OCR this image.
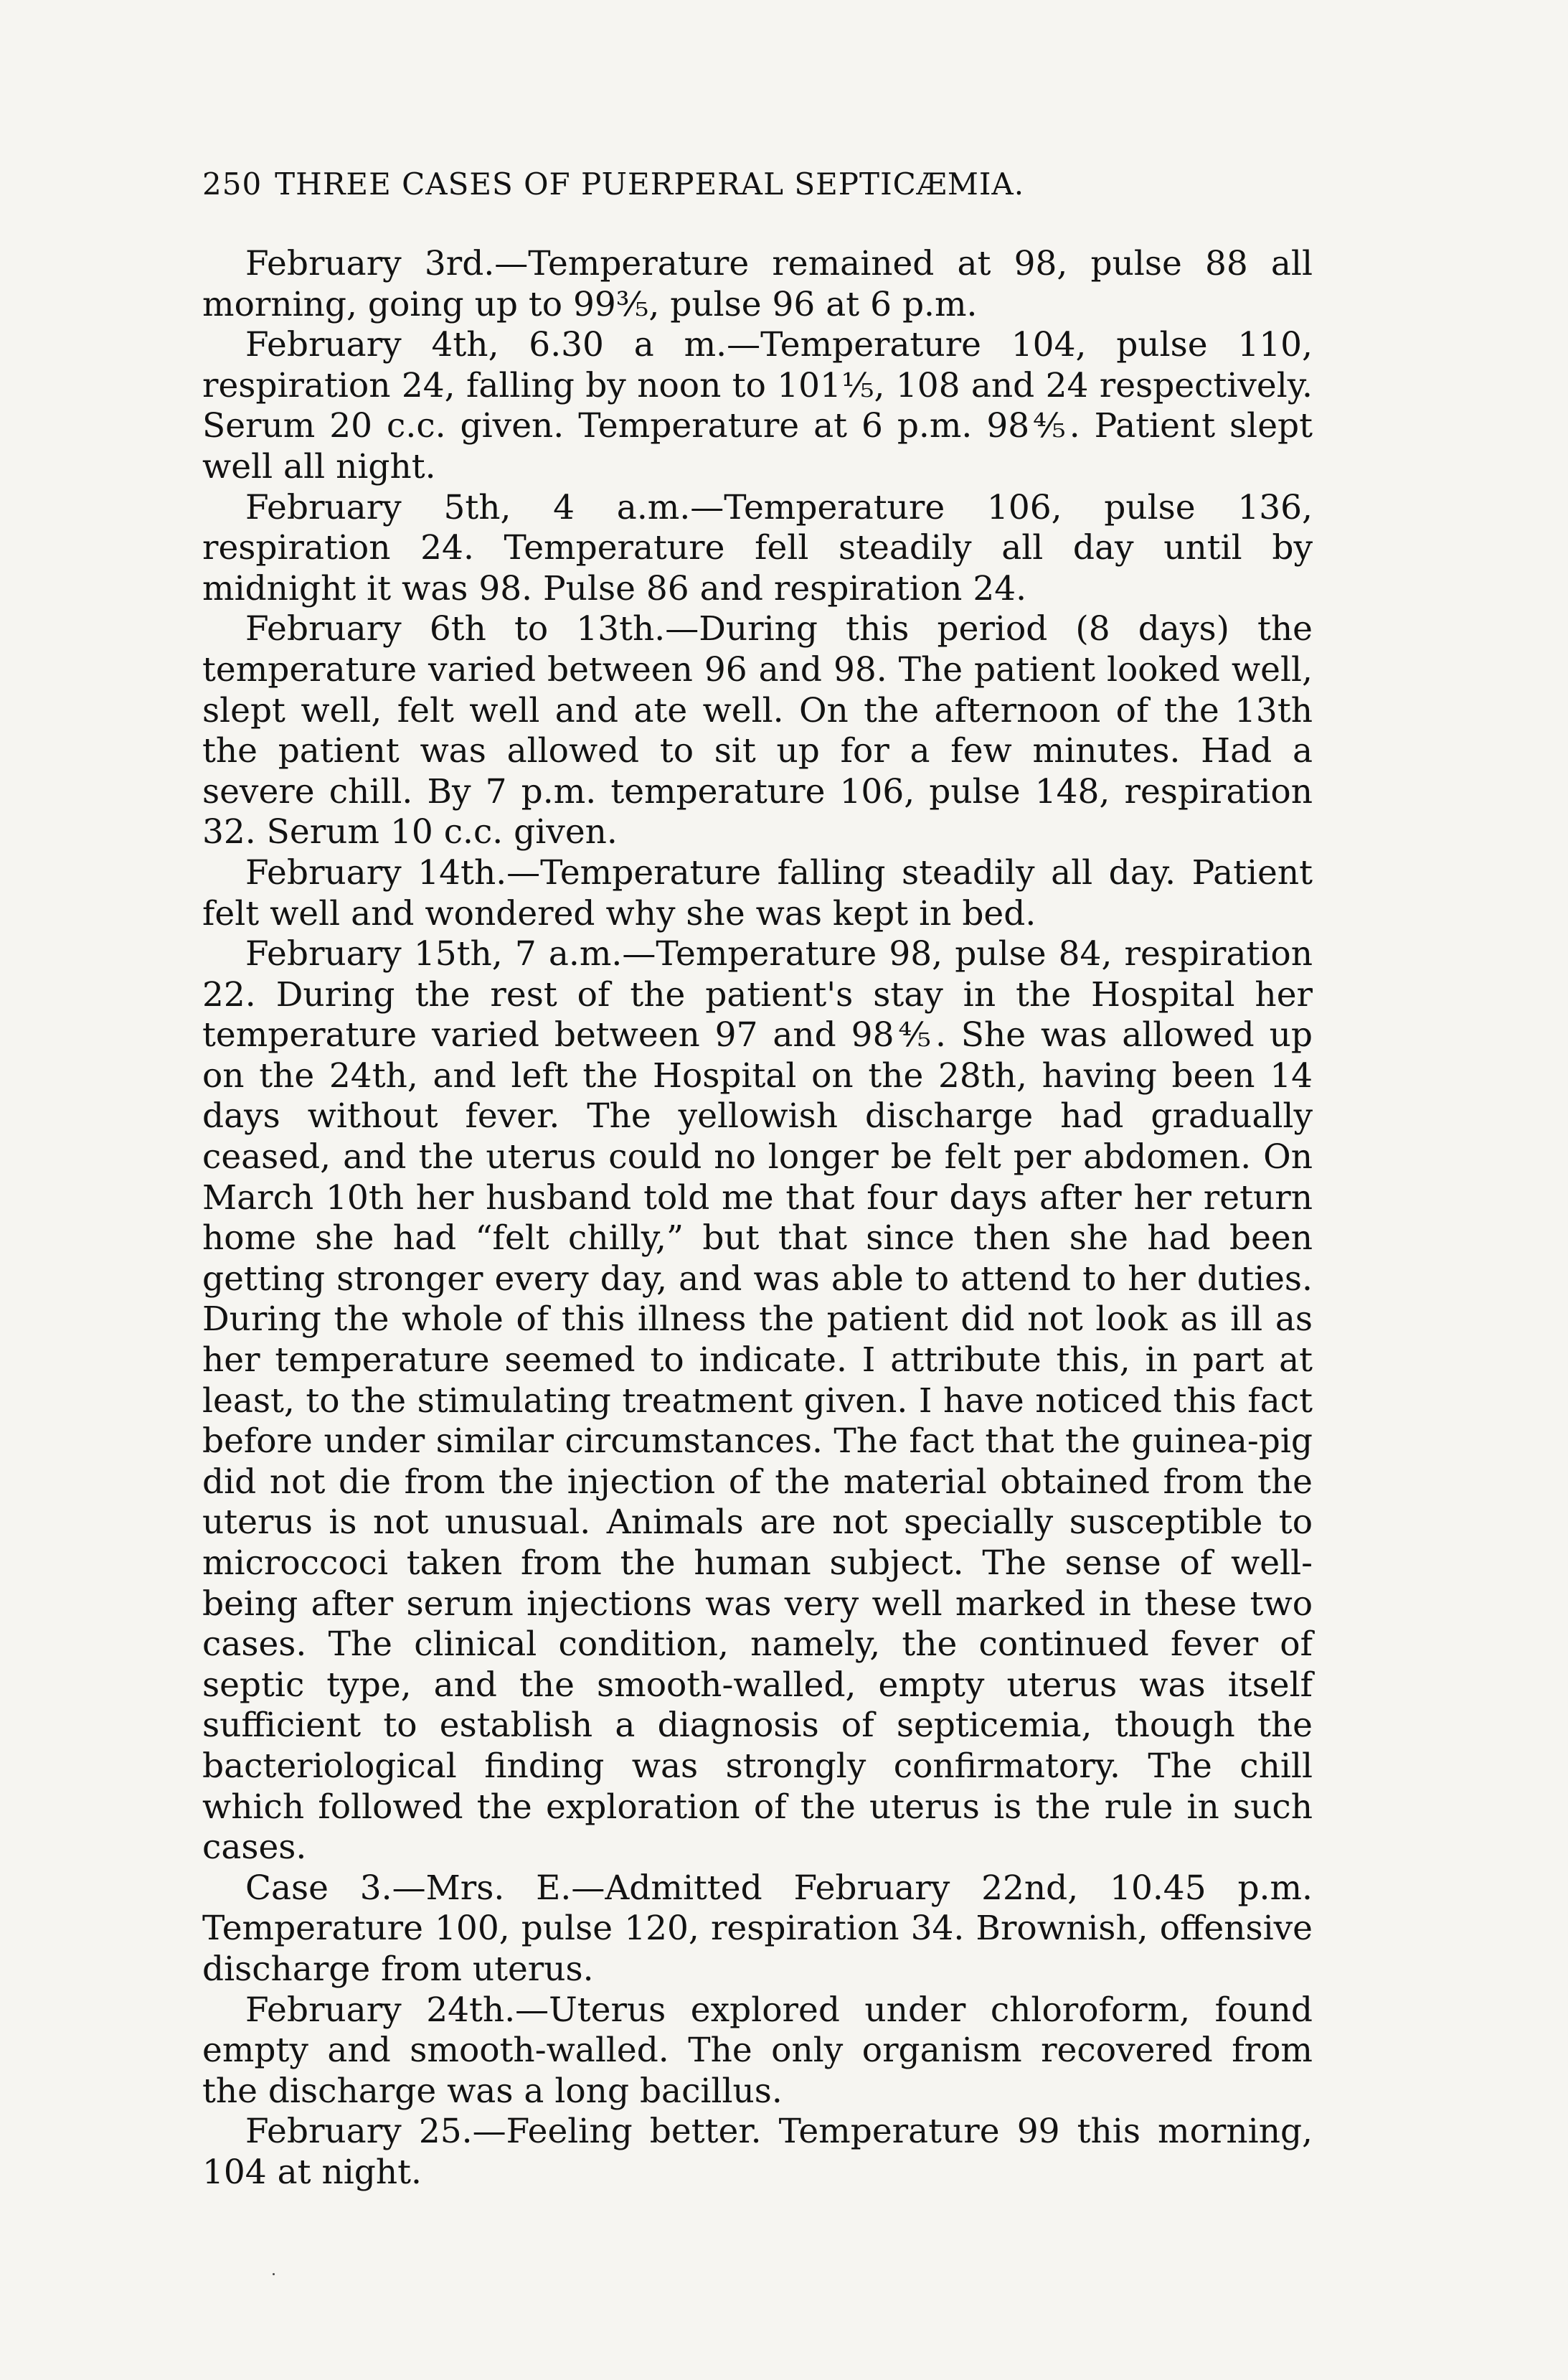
250 THREE CASES OF PUERPERAL SEPTICÆMIA.

February 3rd.—Temperature remained at 98, pulse 88 all morning, going up to 99⅗, pulse 96 at 6 p.m.

February 4th, 6.30 a m.—Temperature 104, pulse 110, respiration 24, falling by noon to 101⅕, 108 and 24 respectively. Serum 20 c.c. given. Temperature at 6 p.m. 98⅘. Patient slept well all night.

February 5th, 4 a.m.—Temperature 106, pulse 136, respiration 24. Temperature fell steadily all day until by midnight it was 98. Pulse 86 and respiration 24.

February 6th to 13th.—During this period (8 days) the temperature varied between 96 and 98. The patient looked well, slept well, felt well and ate well. On the afternoon of the 13th the patient was allowed to sit up for a few minutes. Had a severe chill. By 7 p.m. temperature 106, pulse 148, respiration 32. Serum 10 c.c. given.

February 14th.—Temperature falling steadily all day. Patient felt well and wondered why she was kept in bed.

February 15th, 7 a.m.—Temperature 98, pulse 84, respiration 22. During the rest of the patient's stay in the Hospital her temperature varied between 97 and 98⅘. She was allowed up on the 24th, and left the Hospital on the 28th, having been 14 days without fever. The yellowish discharge had gradually ceased, and the uterus could no longer be felt per abdomen. On March 10th her husband told me that four days after her return home she had “felt chilly,” but that since then she had been getting stronger every day, and was able to attend to her duties. During the whole of this illness the patient did not look as ill as her temperature seemed to indicate. I attribute this, in part at least, to the stimulating treatment given. I have noticed this fact before under similar circumstances. The fact that the guinea-pig did not die from the injection of the material obtained from the uterus is not unusual. Animals are not specially susceptible to microccoci taken from the human subject. The sense of well-being after serum injections was very well marked in these two cases. The clinical condition, namely, the continued fever of septic type, and the smooth-walled, empty uterus was itself sufficient to establish a diagnosis of septicemia, though the bacteriological finding was strongly confirmatory. The chill which followed the exploration of the uterus is the rule in such cases.

Case 3.—Mrs. E.—Admitted February 22nd, 10.45 p.m. Temperature 100, pulse 120, respiration 34. Brownish, offensive discharge from uterus.

February 24th.—Uterus explored under chloroform, found empty and smooth-walled. The only organism recovered from the discharge was a long bacillus.

February 25.—Feeling better. Temperature 99 this morning, 104 at night.
